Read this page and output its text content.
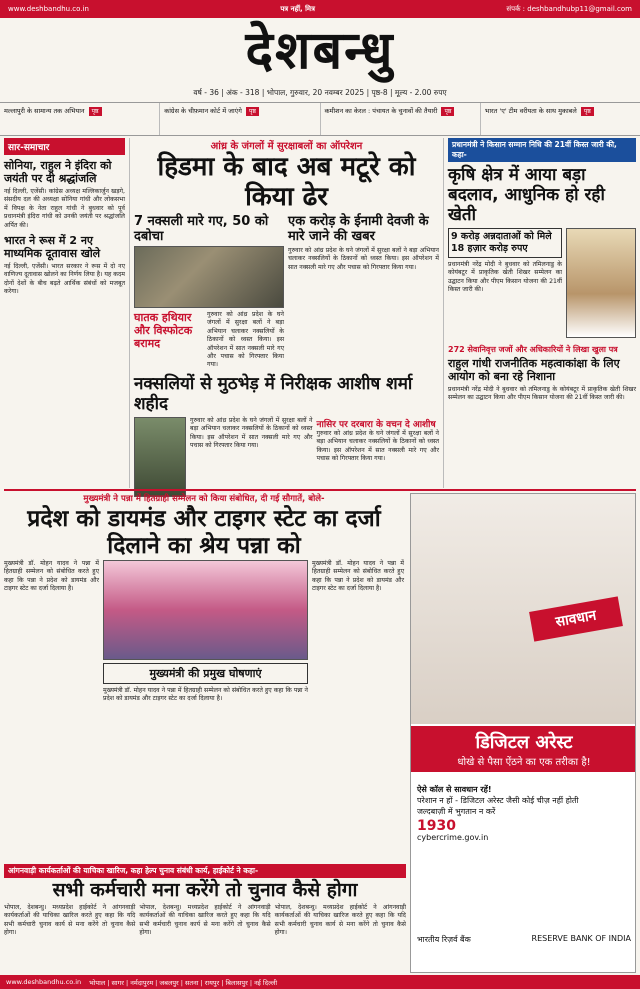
www.deshbandhu.co.in	पत्र नहीं, मित्र	संपर्क : deshbandhubp11@gmail.com
देशबन्धु
वर्ष - 36 | अंक - 318 | भोपाल, गुरुवार, 20 नवम्बर 2025 | पृष्ठ-8 | मूल्य - 2.00 रुपए
मल्लापुरी के सामान्य तक अभियान पृष्ठ	कांग्रेस के चीफ़मान कोर्ट में जाएंगे पृष्ठ	कमीशन का केरल : पंचायत के चुनावों की तैयारी पृष्ठ	भारत 'ए' टीम वरीयता के साथ मुकाबले पृष्ठ
सार-समाचार
सोनिया, राहुल ने इंदिरा को जयंती पर दी श्रद्धांजलि
नई दिल्ली, एजेंसी। कांग्रेस अध्यक्ष मल्लिकार्जुन खड़गे, संसदीय दल की अध्यक्षा सोनिया गांधी और लोकसभा में विपक्ष के नेता राहुल गांधी ने बुधवार को पूर्व प्रधानमंत्री इंदिरा गांधी को उनकी जयंती पर श्रद्धांजलि अर्पित की।
भारत ने रूस में 2 नए माध्यमिक दूतावास खोले
नई दिल्ली, एजेंसी। भारत सरकार ने रूस में दो नए वाणिज्य दूतावास खोलने का निर्णय लिया है। यह कदम दोनों देशों के बीच बढ़ते आर्थिक संबंधों को मजबूत करेगा।
आंध्र के जंगलों में सुरक्षाबलों का ऑपरेशन
हिडमा के बाद अब मटूरे को किया ढेर
7 नक्सली मारे गए, 50 को दबोचा
घातक हथियार और विस्फोटक बरामद
गुरुवार को आंध्र प्रदेश के घने जंगलों में सुरक्षा बलों ने बड़ा अभियान चलाकर नक्सलियों के ठिकानों को ध्वस्त किया। इस ऑपरेशन में सात नक्सली मारे गए और पचास को गिरफ्तार किया गया।
एक करोड़ के ईनामी देवजी के मारे जाने की खबर
गुरुवार को आंध्र प्रदेश के घने जंगलों में सुरक्षा बलों ने बड़ा अभियान चलाकर नक्सलियों के ठिकानों को ध्वस्त किया। इस ऑपरेशन में सात नक्सली मारे गए और पचास को गिरफ्तार किया गया।
नक्सलियों से मुठभेड़ में निरीक्षक आशीष शर्मा शहीद
गुरुवार को आंध्र प्रदेश के घने जंगलों में सुरक्षा बलों ने बड़ा अभियान चलाकर नक्सलियों के ठिकानों को ध्वस्त किया। इस ऑपरेशन में सात नक्सली मारे गए और पचास को गिरफ्तार किया गया।
नासिर पर दरबारा के वचन दे आशीष
गुरुवार को आंध्र प्रदेश के घने जंगलों में सुरक्षा बलों ने बड़ा अभियान चलाकर नक्सलियों के ठिकानों को ध्वस्त किया। इस ऑपरेशन में सात नक्सली मारे गए और पचास को गिरफ्तार किया गया।
प्रधानमंत्री ने किसान सम्मान निधि की 21वीं किस्त जारी की, कहा-
कृषि क्षेत्र में आया बड़ा बदलाव, आधुनिक हो रही खेती
9 करोड़ अन्नदाताओं को मिले 18 हज़ार करोड़ रुपए
प्रधानमंत्री नरेंद्र मोदी ने बुधवार को तमिलनाडु के कोयंबटूर में प्राकृतिक खेती शिखर सम्मेलन का उद्घाटन किया और पीएम किसान योजना की 21वीं किस्त जारी की।
272 सेवानिवृत्त जजों और अधिकारियों ने लिखा खुला पत्र
राहुल गांधी राजनीतिक महत्वाकांक्षा के लिए आयोग को बना रहे निशाना
प्रधानमंत्री नरेंद्र मोदी ने बुधवार को तमिलनाडु के कोयंबटूर में प्राकृतिक खेती शिखर सम्मेलन का उद्घाटन किया और पीएम किसान योजना की 21वीं किस्त जारी की।
मुख्यमंत्री ने पन्ना में हितग्राही सम्मेलन को किया संबोधित, दी गई सौगातें, बोले-
प्रदेश को डायमंड और टाइगर स्टेट का दर्जा दिलाने का श्रेय पन्ना को
मुख्यमंत्री डॉ. मोहन यादव ने पन्ना में हितग्राही सम्मेलन को संबोधित करते हुए कहा कि पन्ना ने प्रदेश को डायमंड और टाइगर स्टेट का दर्जा दिलाया है।
मुख्यमंत्री की प्रमुख घोषणाएं
मुख्यमंत्री डॉ. मोहन यादव ने पन्ना में हितग्राही सम्मेलन को संबोधित करते हुए कहा कि पन्ना ने प्रदेश को डायमंड और टाइगर स्टेट का दर्जा दिलाया है।
मुख्यमंत्री डॉ. मोहन यादव ने पन्ना में हितग्राही सम्मेलन को संबोधित करते हुए कहा कि पन्ना ने प्रदेश को डायमंड और टाइगर स्टेट का दर्जा दिलाया है।
सावधान
डिजिटल अरेस्ट
धोखे से पैसा ऐंठने का एक तरीका है!
ऐसे कॉल से सावधान रहें!
परेशान न हों - डिजिटल अरेस्ट जैसी कोई चीज़ नहीं होती
जल्दबाज़ी में भुगतान न करें
1930
cybercrime.gov.in
भारतीय रिज़र्व बैंक	RESERVE BANK OF INDIA
आंगनवाड़ी कार्यकर्ताओं की याचिका खारिज, कहा हेल्प चुनाव संबंधी कार्य, हाईकोर्ट ने कहा-
सभी कर्मचारी मना करेंगे तो चुनाव कैसे होगा
भोपाल, देशबन्धु। मध्यप्रदेश हाईकोर्ट ने आंगनवाड़ी कार्यकर्ताओं की याचिका खारिज करते हुए कहा कि यदि सभी कर्मचारी चुनाव कार्य से मना करेंगे तो चुनाव कैसे होगा।
भोपाल, देशबन्धु। मध्यप्रदेश हाईकोर्ट ने आंगनवाड़ी कार्यकर्ताओं की याचिका खारिज करते हुए कहा कि यदि सभी कर्मचारी चुनाव कार्य से मना करेंगे तो चुनाव कैसे होगा।
भोपाल, देशबन्धु। मध्यप्रदेश हाईकोर्ट ने आंगनवाड़ी कार्यकर्ताओं की याचिका खारिज करते हुए कहा कि यदि सभी कर्मचारी चुनाव कार्य से मना करेंगे तो चुनाव कैसे होगा।
www.deshbandhu.co.in भोपाल | सागर | नर्मदापुरम | जबलपुर | सतना | रायपुर | बिलासपुर | नई दिल्ली
